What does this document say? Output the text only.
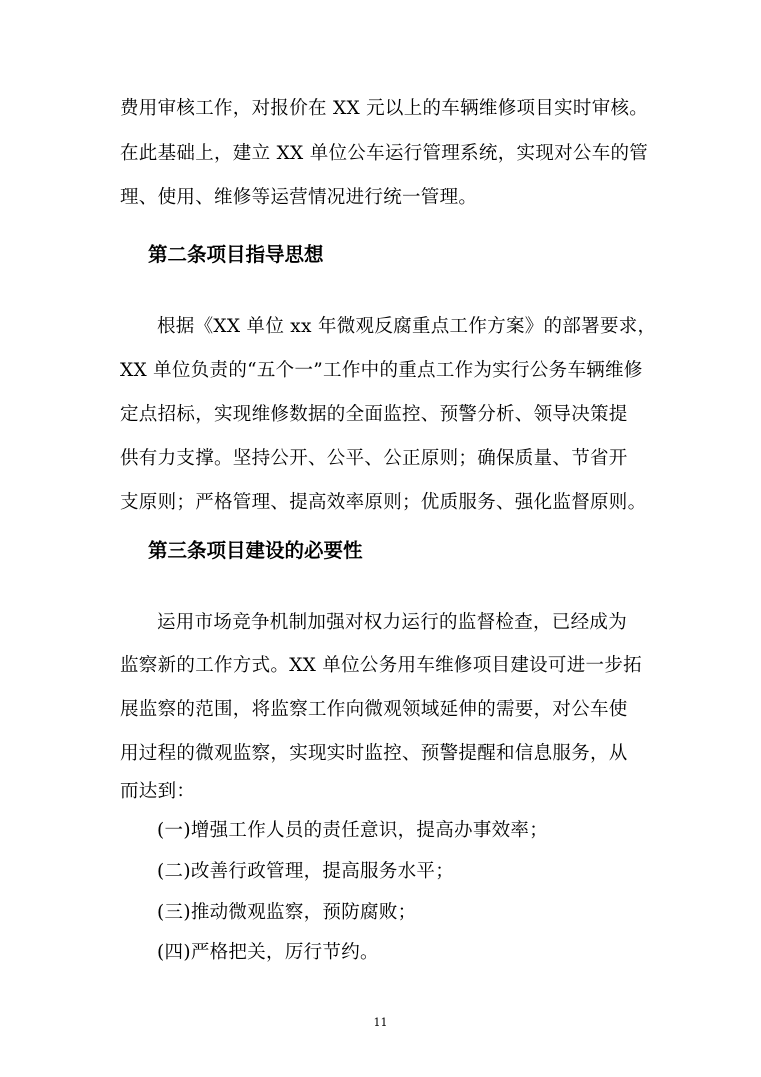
费用审核工作，对报价在 XX 元以上的车辆维修项目实时审核。
在此基础上，建立 XX 单位公车运行管理系统，实现对公车的管
理、使用、维修等运营情况进行统一管理。
第二条项目指导思想
根据《XX 单位 xx 年微观反腐重点工作方案》的部署要求，
XX 单位负责的“五个一”工作中的重点工作为实行公务车辆维修
定点招标，实现维修数据的全面监控、预警分析、领导决策提
供有力支撑。坚持公开、公平、公正原则；确保质量、节省开
支原则；严格管理、提高效率原则；优质服务、强化监督原则。
第三条项目建设的必要性
运用市场竞争机制加强对权力运行的监督检查，已经成为
监察新的工作方式。XX 单位公务用车维修项目建设可进一步拓
展监察的范围，将监察工作向微观领域延伸的需要，对公车使
用过程的微观监察，实现实时监控、预警提醒和信息服务，从
而达到：
(一)增强工作人员的责任意识，提高办事效率；
(二)改善行政管理，提高服务水平；
(三)推动微观监察，预防腐败；
(四)严格把关，厉行节约。
11
